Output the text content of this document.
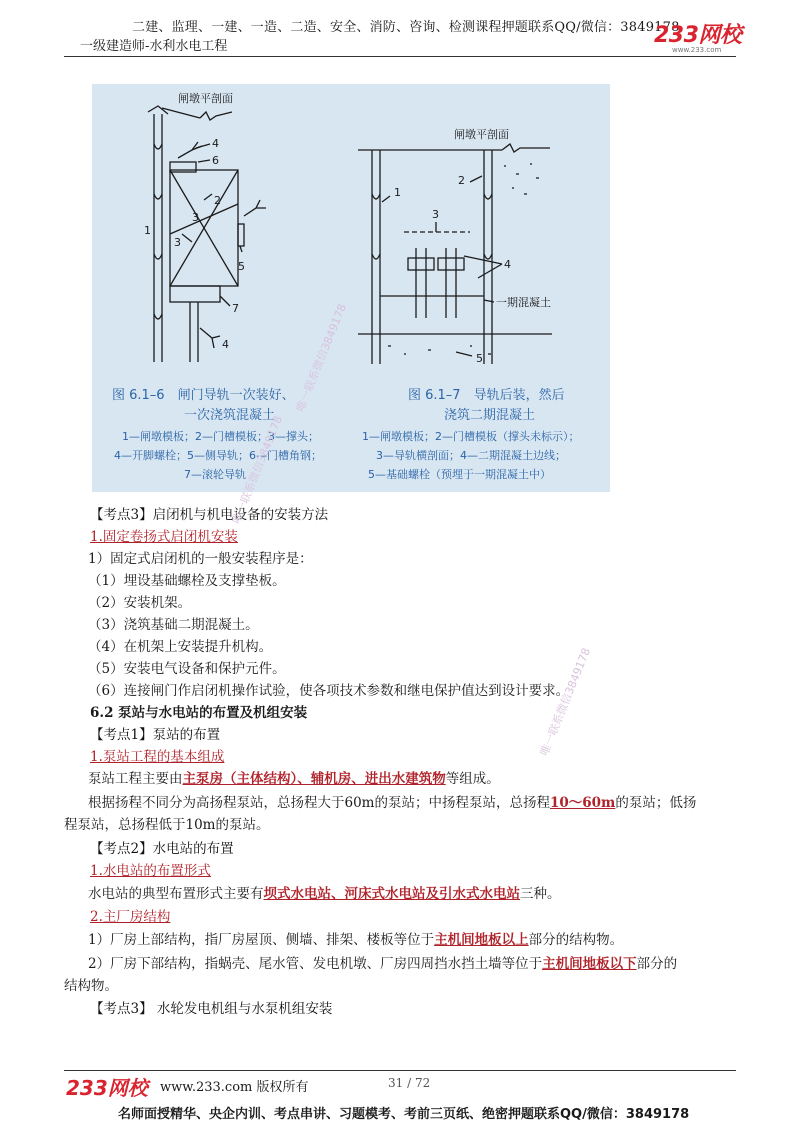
二建、监理、一建、一造、二造、安全、消防、咨询、检测课程押题联系QQ/微信：3849178
一级建造师-水利水电工程	233网校
www.233.com
闸墩平剖面
4
6
2
1
3
3
5
7
4
闸墩平剖面
2
1
3
4
5
一期混凝土
图 6.1–6　闸门导轨一次装好、
一次浇筑混凝土
1—闸墩模板；2—门槽模板；3—撑头；
4—开脚螺栓；5—侧导轨；6—门槽角钢；
7—滚轮导轨
图 6.1–7　导轨后装，然后
浇筑二期混凝土
1—闸墩模板；2—门槽模板（撑头未标示）；
3—导轨横剖面；4—二期混凝土边线；
5—基础螺栓（预埋于一期混凝土中）
【考点3】启闭机与机电设备的安装方法
1.固定卷扬式启闭机安装
1）固定式启闭机的一般安装程序是：
（1）埋设基础螺栓及支撑垫板。
（2）安装机架。
（3）浇筑基础二期混凝土。
（4）在机架上安装提升机构。
（5）安装电气设备和保护元件。
（6）连接闸门作启闭机操作试验，使各项技术参数和继电保护值达到设计要求。
6.2 泵站与水电站的布置及机组安装
【考点1】泵站的布置
1.泵站工程的基本组成
泵站工程主要由主泵房（主体结构）、辅机房、进出水建筑物等组成。
根据扬程不同分为高扬程泵站，总扬程大于60m的泵站；中扬程泵站，总扬程10～60m的泵站；低扬
程泵站，总扬程低于10m的泵站。
【考点2】水电站的布置
1.水电站的布置形式
水电站的典型布置形式主要有坝式水电站、河床式水电站及引水式水电站三种。
2.主厂房结构
1）厂房上部结构，指厂房屋顶、侧墙、排架、楼板等位于主机间地板以上部分的结构物。
2）厂房下部结构，指蜗壳、尾水管、发电机墩、厂房四周挡水挡土墙等位于主机间地板以下部分的
结构物。
【考点3】 水轮发电机组与水泵机组安装
唯一联系微信3849178
唯一联系微信3849178
唯一联系微信3849178
233网校 www.233.com 版权所有	31 / 72
名师面授精华、央企内训、考点串讲、习题模考、考前三页纸、绝密押题联系QQ/微信：3849178
